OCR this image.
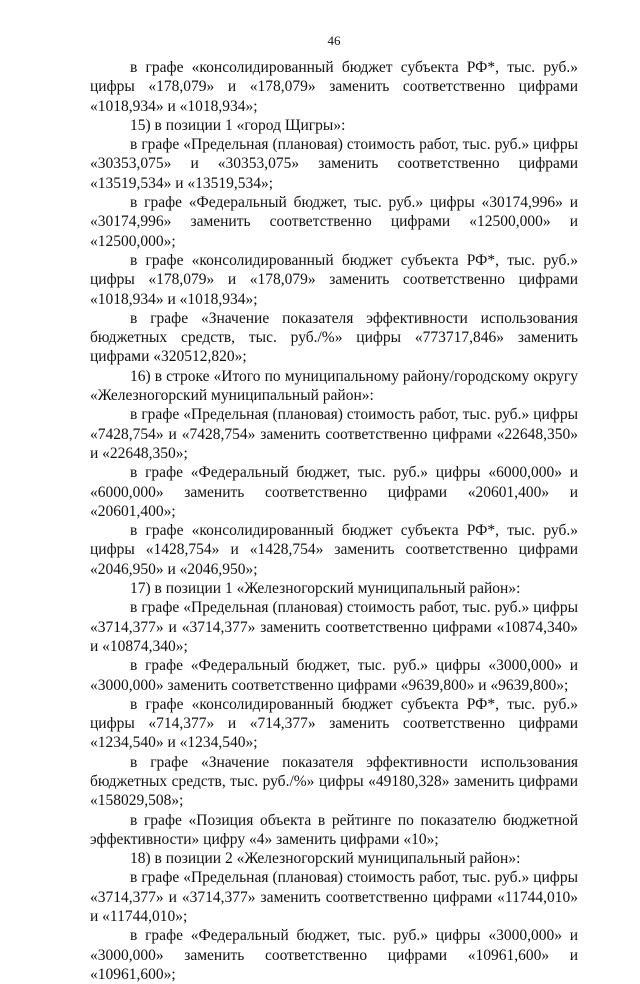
46

в графе «консолидированный бюджет субъекта РФ*, тыс. руб.» цифры «178,079» и «178,079» заменить соответственно цифрами «1018,934» и «1018,934»;

15) в позиции 1 «город Щигры»:

в графе «Предельная (плановая) стоимость работ, тыс. руб.» цифры «30353,075» и «30353,075» заменить соответственно цифрами «13519,534» и «13519,534»;

в графе «Федеральный бюджет, тыс. руб.» цифры «30174,996» и «30174,996» заменить соответственно цифрами «12500,000» и «12500,000»;

в графе «консолидированный бюджет субъекта РФ*, тыс. руб.» цифры «178,079» и «178,079» заменить соответственно цифрами «1018,934» и «1018,934»;

в графе «Значение показателя эффективности использования бюджетных средств, тыс. руб./%» цифры «773717,846» заменить цифрами «320512,820»;

16) в строке «Итого по муниципальному району/городскому округу «Железногорский муниципальный район»:

в графе «Предельная (плановая) стоимость работ, тыс. руб.» цифры «7428,754» и «7428,754» заменить соответственно цифрами «22648,350» и «22648,350»;

в графе «Федеральный бюджет, тыс. руб.» цифры «6000,000» и «6000,000» заменить соответственно цифрами «20601,400» и «20601,400»;

в графе «консолидированный бюджет субъекта РФ*, тыс. руб.» цифры «1428,754» и «1428,754» заменить соответственно цифрами «2046,950» и «2046,950»;

17) в позиции 1 «Железногорский муниципальный район»:

в графе «Предельная (плановая) стоимость работ, тыс. руб.» цифры «3714,377» и «3714,377» заменить соответственно цифрами «10874,340» и «10874,340»;

в графе «Федеральный бюджет, тыс. руб.» цифры «3000,000» и «3000,000» заменить соответственно цифрами «9639,800» и «9639,800»;

в графе «консолидированный бюджет субъекта РФ*, тыс. руб.» цифры «714,377» и «714,377» заменить соответственно цифрами «1234,540» и «1234,540»;

в графе «Значение показателя эффективности использования бюджетных средств, тыс. руб./%» цифры «49180,328» заменить цифрами «158029,508»;

в графе «Позиция объекта в рейтинге по показателю бюджетной эффективности» цифру «4» заменить цифрами «10»;

18) в позиции 2 «Железногорский муниципальный район»:

в графе «Предельная (плановая) стоимость работ, тыс. руб.» цифры «3714,377» и «3714,377» заменить соответственно цифрами «11744,010» и «11744,010»;

в графе «Федеральный бюджет, тыс. руб.» цифры «3000,000» и «3000,000» заменить соответственно цифрами «10961,600» и «10961,600»;
